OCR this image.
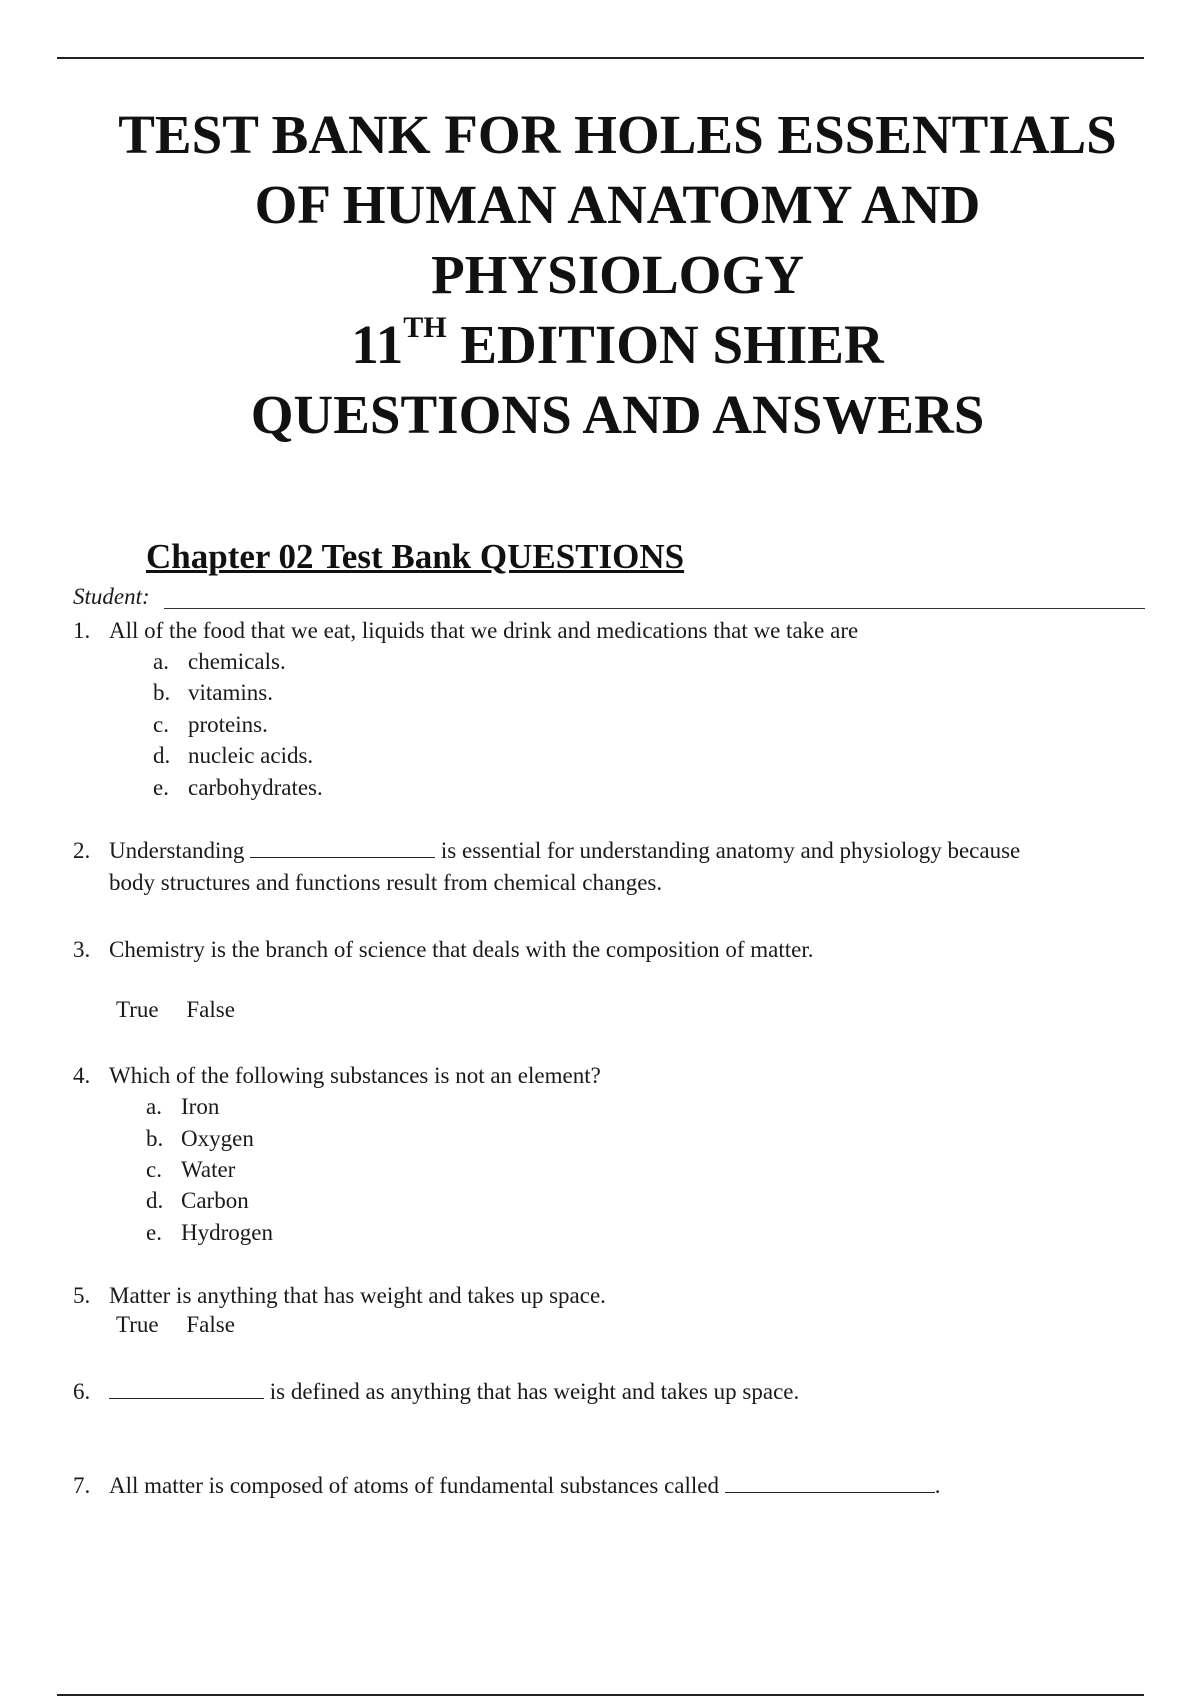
TEST BANK FOR HOLES ESSENTIALS
OF HUMAN ANATOMY AND
PHYSIOLOGY
11TH EDITION SHIER
QUESTIONS AND ANSWERS
Chapter 02 Test Bank QUESTIONS
Student:
1. All of the food that we eat, liquids that we drink and medications that we take are
a. chemicals.
b. vitamins.
c. proteins.
d. nucleic acids.
e. carbohydrates.
2. Understanding	is essential for understanding anatomy and physiology because
body structures and functions result from chemical changes.
3. Chemistry is the branch of science that deals with the composition of matter.
True False
4. Which of the following substances is not an element?
a. Iron
b. Oxygen
c. Water
d. Carbon
e. Hydrogen
5. Matter is anything that has weight and takes up space.
True False
6.	is defined as anything that has weight and takes up space.
7. All matter is composed of atoms of fundamental substances called	.
